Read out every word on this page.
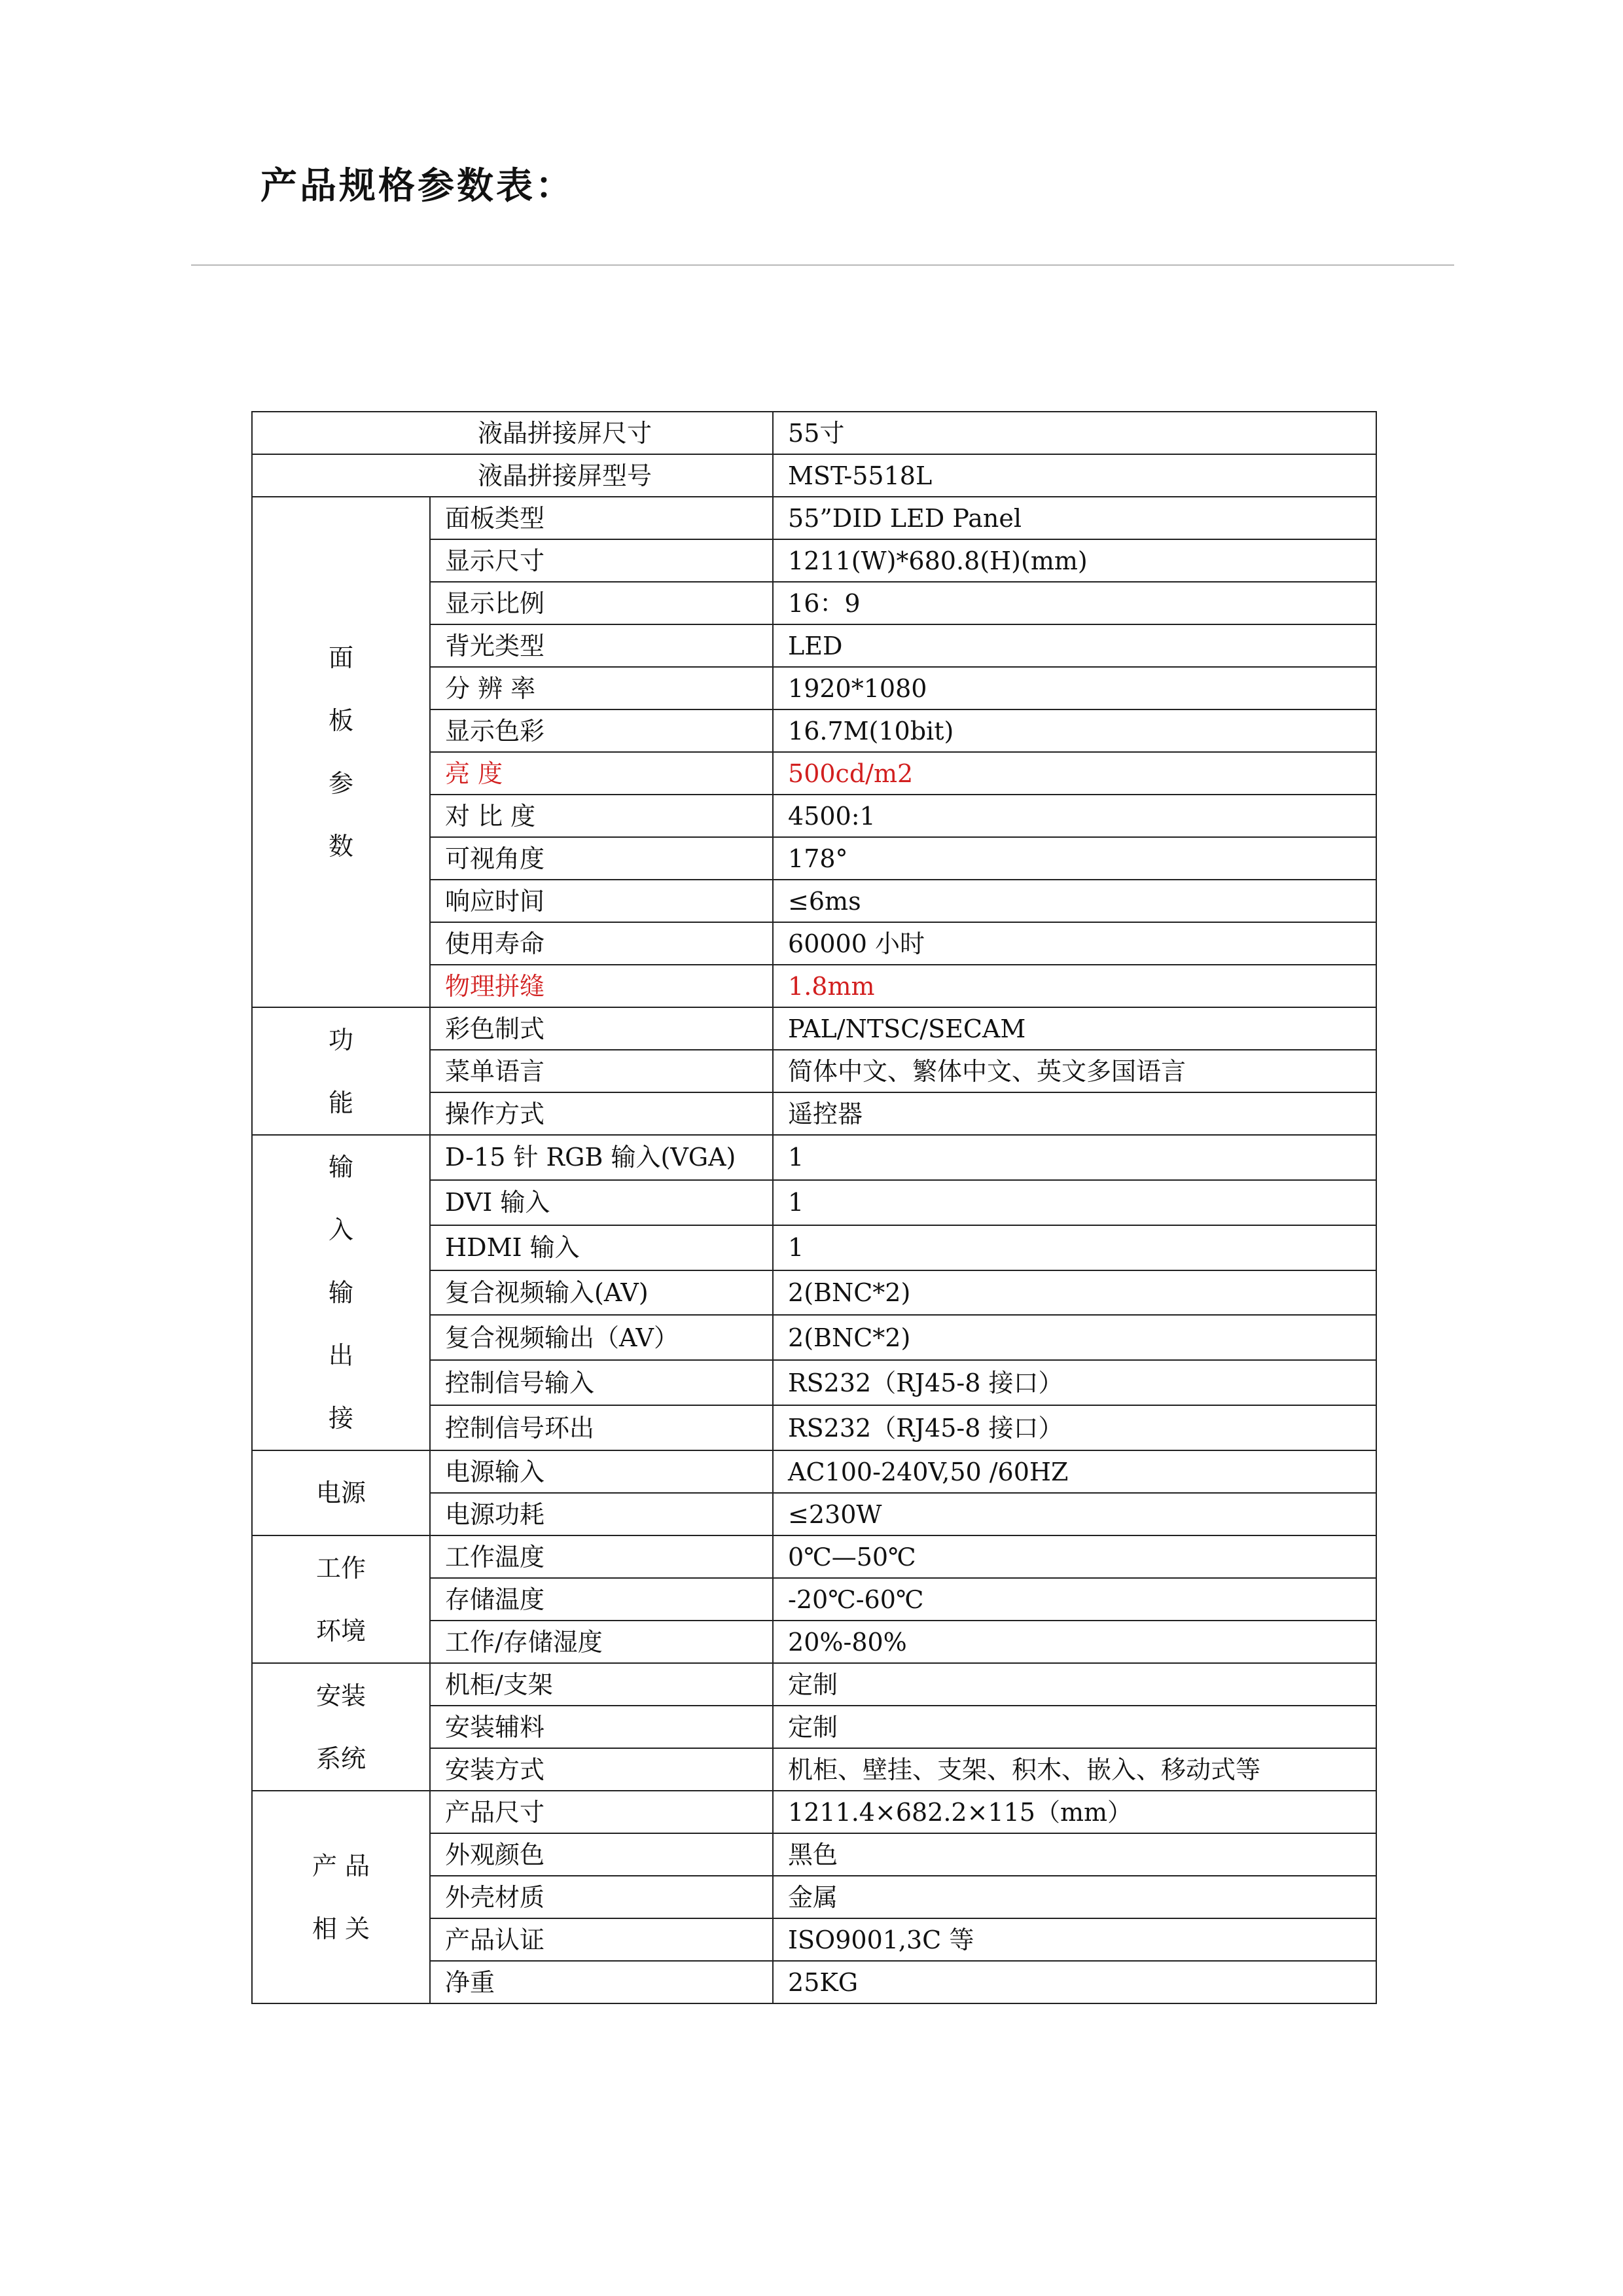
产品规格参数表：
液晶拼接屏尺寸		55寸
液晶拼接屏型号		MST-5518L
面
板
参
数	面板类型	55”DID LED Panel
	显示尺寸	1211(W)*680.8(H)(mm)
	显示比例	16：9
	背光类型	LED
	分 辨 率	1920*1080
	显示色彩	16.7M(10bit)
	亮 度	500cd/m2
	对 比 度	4500:1
	可视角度	178°
	响应时间	≤6ms
	使用寿命	60000 小时
	物理拼缝	1.8mm
功
能	彩色制式	PAL/NTSC/SECAM
	菜单语言	简体中文、繁体中文、英文多国语言
	操作方式	遥控器
输
入
输
出
接	D-15 针 RGB 输入(VGA)	1
	DVI 输入	1
	HDMI 输入	1
	复合视频输入(AV)	2(BNC*2)
	复合视频输出（AV）	2(BNC*2)
	控制信号输入	RS232（RJ45-8 接口）
	控制信号环出	RS232（RJ45-8 接口）
电源	电源输入	AC100-240V,50 /60HZ
	电源功耗	≤230W
工作
环境	工作温度	0℃—50℃
	存储温度	-20℃-60℃
	工作/存储湿度	20%-80%
安装
系统	机柜/支架	定制
	安装辅料	定制
	安装方式	机柜、壁挂、支架、积木、嵌入、移动式等
产 品
相 关	产品尺寸	1211.4×682.2×115（mm）
	外观颜色	黑色
	外壳材质	金属
	产品认证	ISO9001,3C 等
	净重	25KG
